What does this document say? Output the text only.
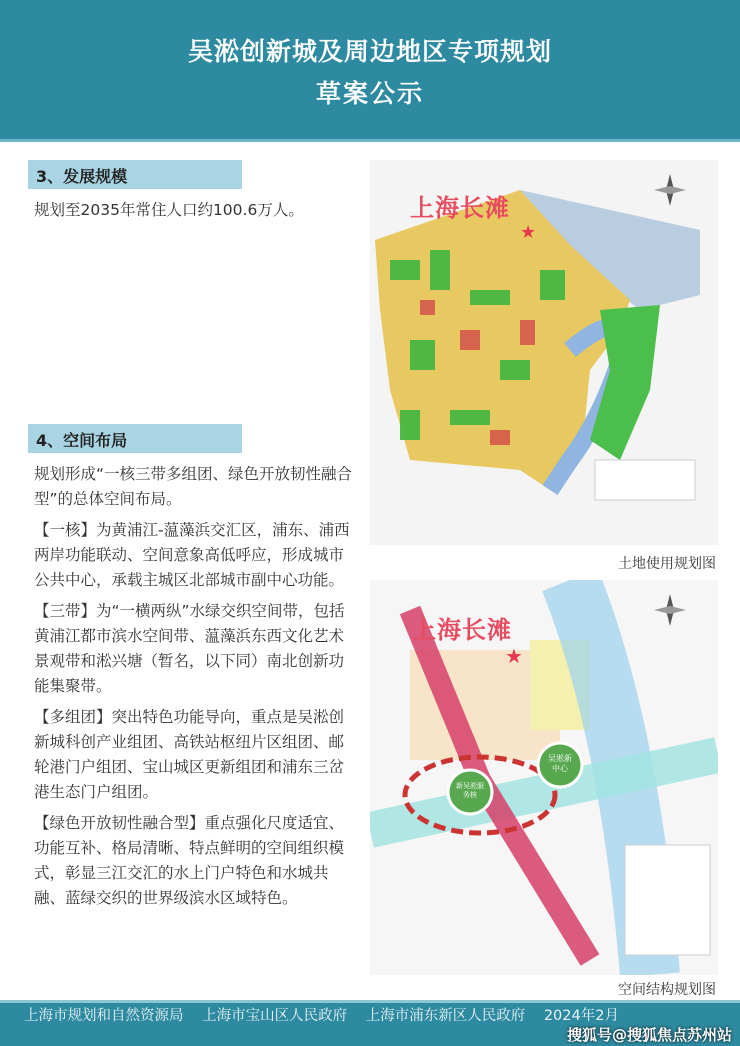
吴淞创新城及周边地区专项规划
草案公示
3、发展规模
规划至2035年常住人口约100.6万人。
4、空间布局

规划形成“一核三带多组团、绿色开放韧性融合型”的总体空间布局。

【一核】为黄浦江-蕰藻浜交汇区，浦东、浦西两岸功能联动、空间意象高低呼应，形成城市公共中心，承载主城区北部城市副中心功能。

【三带】为“一横两纵”水绿交织空间带，包括黄浦江都市滨水空间带、蕰藻浜东西文化艺术景观带和淞兴塘（暂名，以下同）南北创新功能集聚带。

【多组团】突出特色功能导向，重点是吴淞创新城科创产业组团、高铁站枢纽片区组团、邮轮港门户组团、宝山城区更新组团和浦东三岔港生态门户组团。

【绿色开放韧性融合型】重点强化尺度适宜、功能互补、格局清晰、特点鲜明的空间组织模式，彰显三江交汇的水上门户特色和水城共融、蓝绿交织的世界级滨水区域特色。

上海长滩
★
土地使用规划图
上海长滩
★
吴淞新中心
新吴淞服务核
空间结构规划图
上海市规划和自然资源局 上海市宝山区人民政府 上海市浦东新区人民政府 2024年2月
搜狐号@搜狐焦点苏州站
